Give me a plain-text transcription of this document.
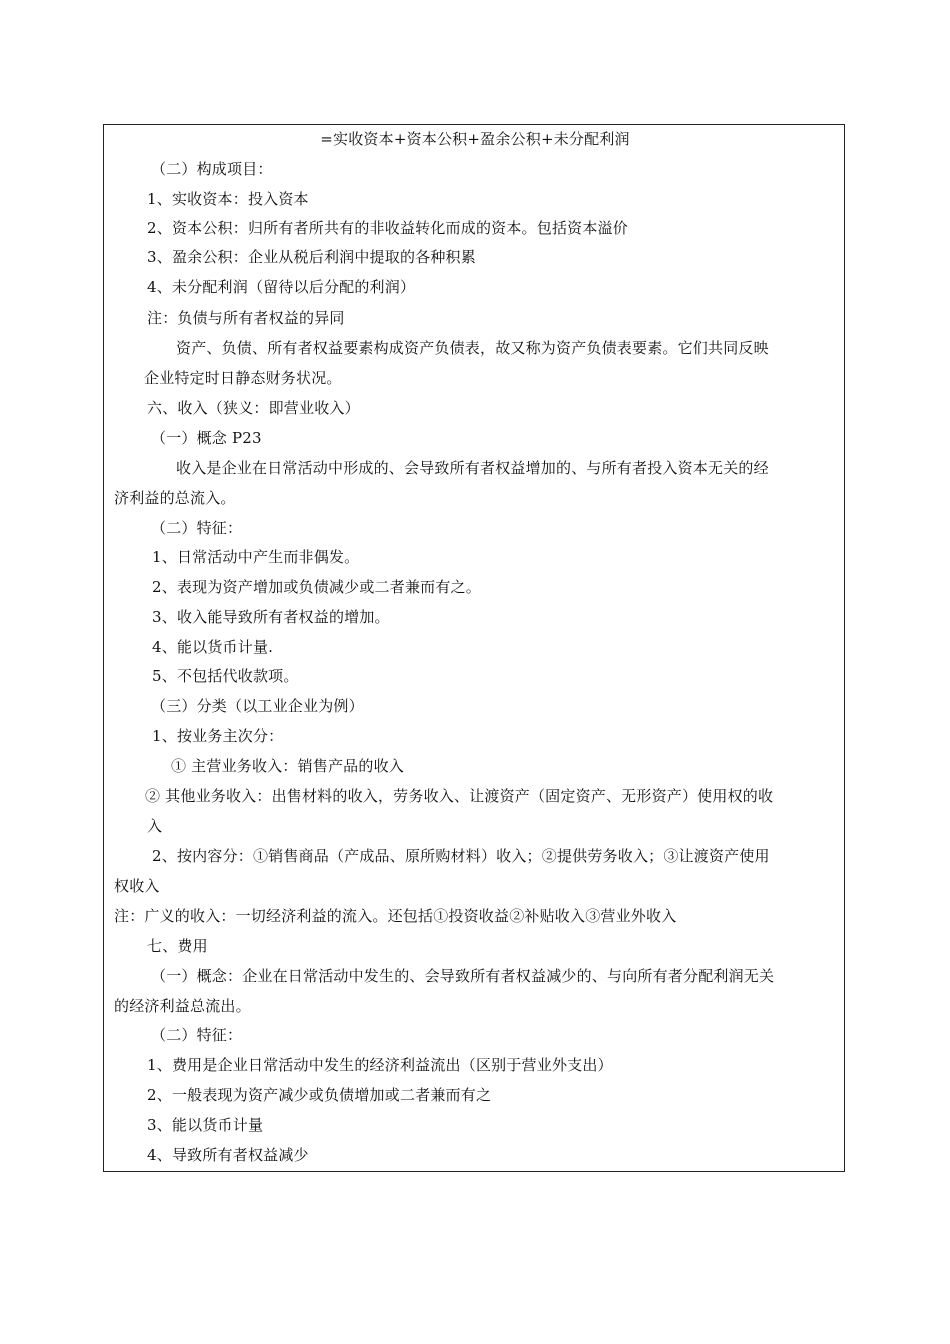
=实收资本+资本公积+盈余公积+未分配利润
（二）构成项目：
1、实收资本：投入资本
2、资本公积：归所有者所共有的非收益转化而成的资本。包括资本溢价
3、盈余公积：企业从税后利润中提取的各种积累
4、未分配利润（留待以后分配的利润）
注：负债与所有者权益的异同
资产、负债、所有者权益要素构成资产负债表，故又称为资产负债表要素。它们共同反映
企业特定时日静态财务状况。
六、收入（狭义：即营业收入）
（一）概念 P23
收入是企业在日常活动中形成的、会导致所有者权益增加的、与所有者投入资本无关的经
济利益的总流入。
（二）特征：
1、日常活动中产生而非偶发。
2、表现为资产增加或负债减少或二者兼而有之。
3、收入能导致所有者权益的增加。
4、能以货币计量.
5、不包括代收款项。
（三）分类（以工业企业为例）
1、按业务主次分：
① 主营业务收入：销售产品的收入
② 其他业务收入：出售材料的收入，劳务收入、让渡资产（固定资产、无形资产）使用权的收
入
2、按内容分：①销售商品（产成品、原所购材料）收入；②提供劳务收入；③让渡资产使用
权收入
注：广义的收入：一切经济利益的流入。还包括①投资收益②补贴收入③营业外收入
七、费用
（一）概念：企业在日常活动中发生的、会导致所有者权益减少的、与向所有者分配利润无关
的经济利益总流出。
（二）特征：
1、费用是企业日常活动中发生的经济利益流出（区别于营业外支出）
2、一般表现为资产减少或负债增加或二者兼而有之
3、能以货币计量
4、导致所有者权益减少
